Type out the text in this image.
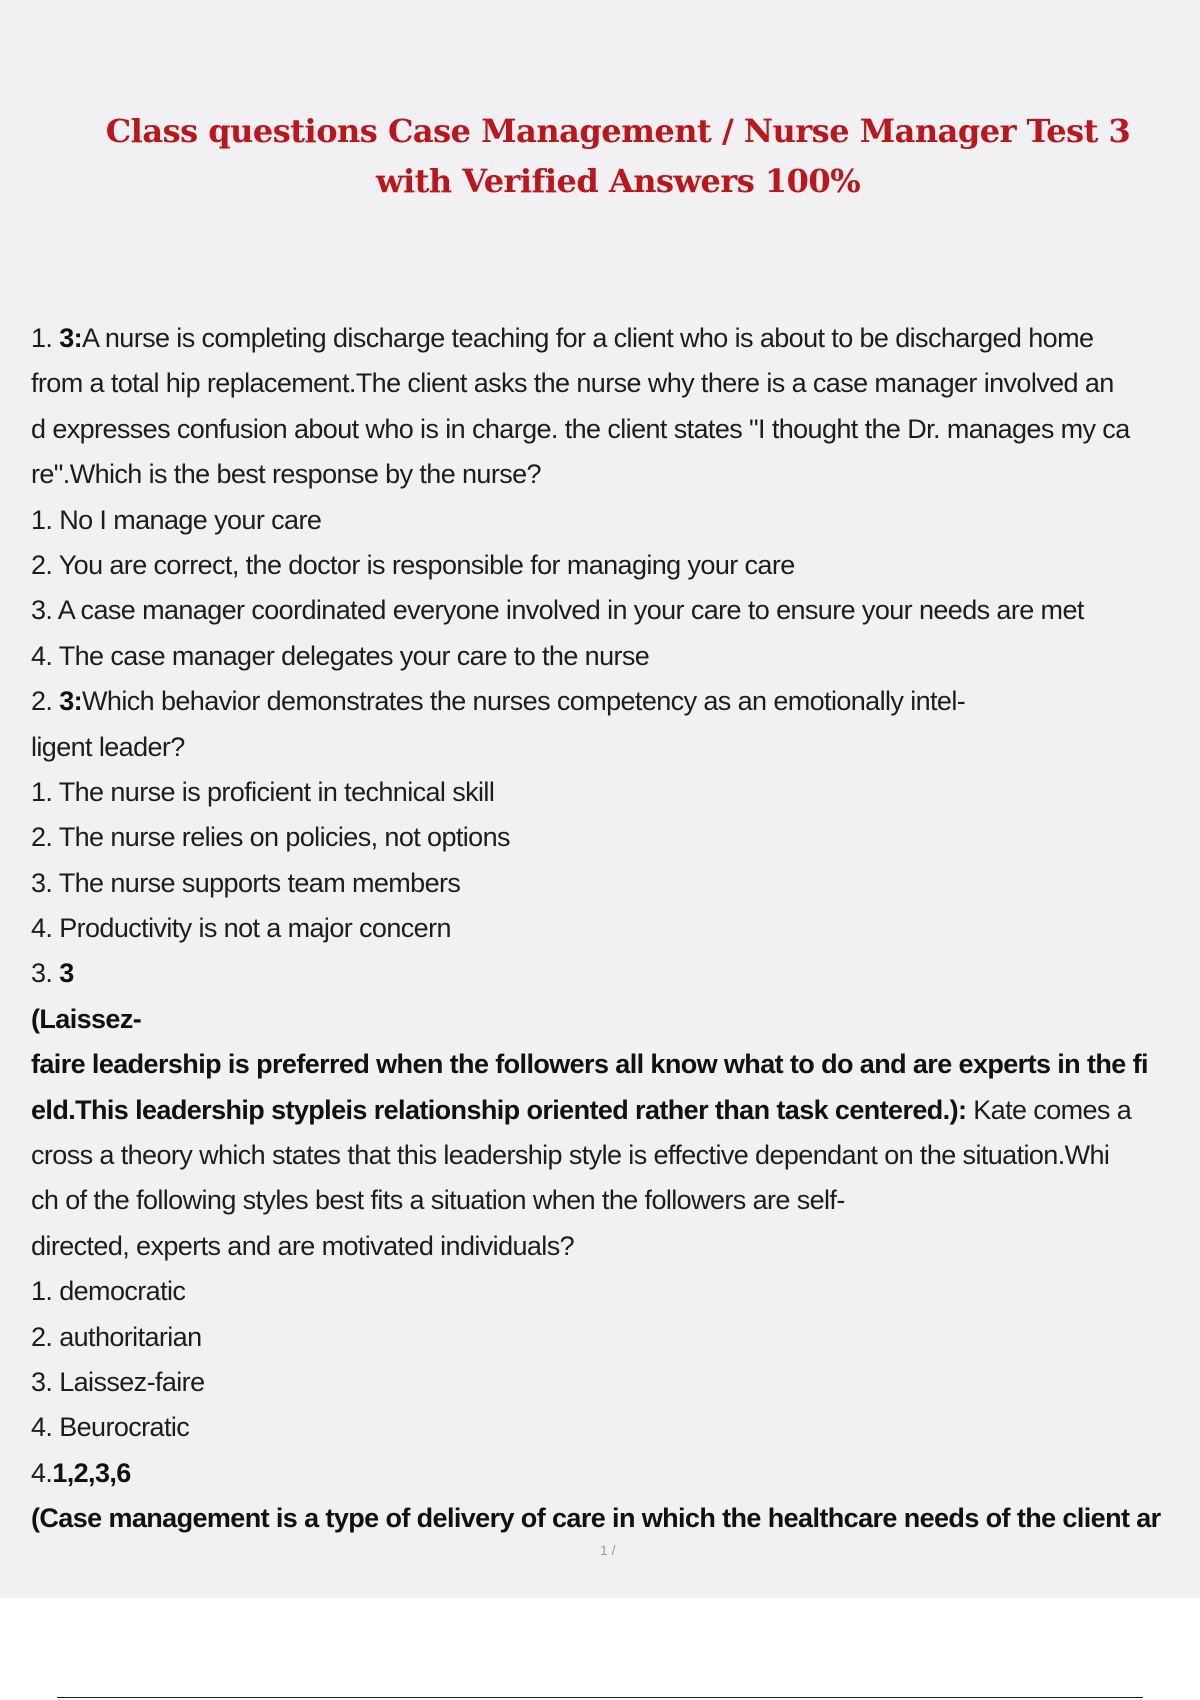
Class questions Case Management / Nurse Manager Test 3
with Verified Answers 100%
1. 3:A nurse is completing discharge teaching for a client who is about to be discharged home
from a total hip replacement.The client asks the nurse why there is a case manager involved an
d expresses confusion about who is in charge. the client states "I thought the Dr. manages my ca
re".Which is the best response by the nurse?
1. No I manage your care
2. You are correct, the doctor is responsible for managing your care
3. A case manager coordinated everyone involved in your care to ensure your needs are met
4. The case manager delegates your care to the nurse
2. 3:Which behavior demonstrates the nurses competency as an emotionally intel-
ligent leader?
1. The nurse is proficient in technical skill
2. The nurse relies on policies, not options
3. The nurse supports team members
4. Productivity is not a major concern
3. 3
(Laissez-
faire leadership is preferred when the followers all know what to do and are experts in the fi
eld.This leadership stypleis relationship oriented rather than task centered.): Kate comes a
cross a theory which states that this leadership style is effective dependant on the situation.Whi
ch of the following styles best fits a situation when the followers are self-
directed, experts and are motivated individuals?
1. democratic
2. authoritarian
3. Laissez-faire
4. Beurocratic
4.1,2,3,6
(Case management is a type of delivery of care in which the healthcare needs of the client ar
1 /
